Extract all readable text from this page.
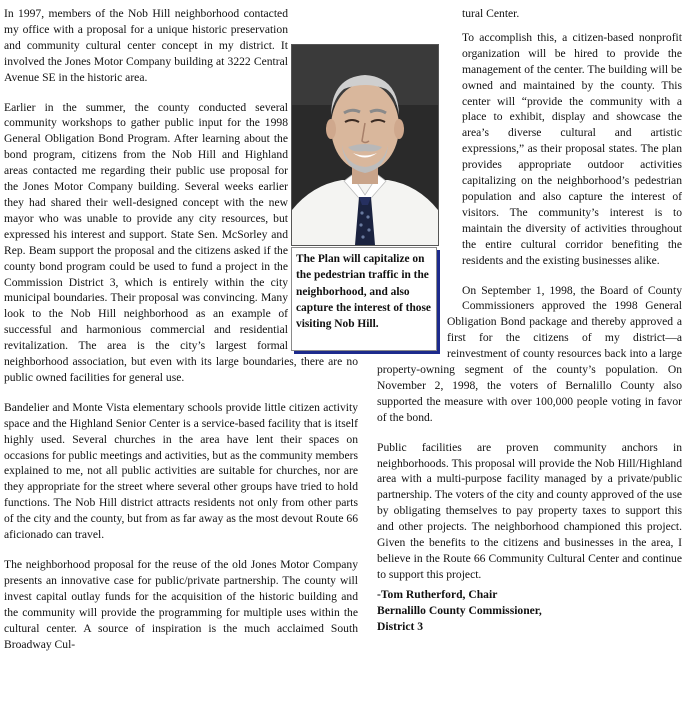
In 1997, members of the Nob Hill neighborhood contacted my office with a proposal for a unique historic preservation and community cultural center concept in my district. It involved the Jones Motor Company building at 3222 Central Avenue SE in the historic area.

Earlier in the summer, the county conducted several community workshops to gather public input for the 1998 General Obligation Bond Program. After learning about the bond program, citizens from the Nob Hill and Highland areas contacted me regarding their public use proposal for the Jones Motor Company building. Several weeks earlier they had shared their well-designed concept with the new mayor who was unable to provide any city resources, but expressed his interest and support. State Sen. McSorley and Rep. Beam support the proposal and the citizens asked if the county bond program could be used to fund a project in the Commission District 3, which is entirely within the city municipal boundaries. Their proposal was convincing. Many look to the Nob Hill neighborhood as an example of successful and harmonious commercial and residential revitalization. The area is the city’s largest formal neighborhood association, but even with its large boundaries, there are no public owned facilities for general use.

Bandelier and Monte Vista elementary schools provide little citizen activity space and the Highland Senior Center is a service-based facility that is itself highly used. Several churches in the area have lent their spaces on occasions for public meetings and activities, but as the community members explained to me, not all public activities are suitable for churches, nor are they appropriate for the street where several other groups have tried to hold functions. The Nob Hill district attracts residents not only from other parts of the city and the county, but from as far away as the most devout Route 66 aficionado can travel.

The neighborhood proposal for the reuse of the old Jones Motor Company presents an innovative case for public/private partnership. The county will invest capital outlay funds for the acquisition of the historic building and the community will provide the programming for multiple uses within the cultural center. A source of inspiration is the much acclaimed South Broadway Cul-

tural Center.

To accomplish this, a citizen-based nonprofit organization will be hired to provide the management of the center. The building will be owned and maintained by the county. This center will “provide the community with a place to exhibit, display and showcase the area’s diverse cultural and artistic expressions,” as their proposal states. The plan provides appropriate outdoor activities capitalizing on the neighborhood’s pedestrian population and also capture the interest of visitors. The community’s interest is to maintain the diversity of activities throughout the entire cultural corridor benefiting the residents and the existing businesses alike.

On September 1, 1998, the Board of County Commissioners approved the 1998 General Obligation Bond package and thereby approved a first for the citizens of my district—a reinvestment of county resources back into a large property-owning segment of the county’s population. On November 2, 1998, the voters of Bernalillo County also supported the measure with over 100,000 people voting in favor of the bond.

Public facilities are proven community anchors in neighborhoods. This proposal will provide the Nob Hill/Highland area with a multi-purpose facility managed by a private/public partnership. The voters of the city and county approved of the use by obligating themselves to pay property taxes to support this and other projects. The neighborhood championed this project. Given the benefits to the citizens and businesses in the area, I believe in the Route 66 Community Cultural Center and continue to support this project.

-Tom Rutherford, Chair
Bernalillo County Commissioner,
District 3
The Plan will capitalize on the pedestrian traffic in the neighborhood, and also capture the interest of those visiting Nob Hill.
